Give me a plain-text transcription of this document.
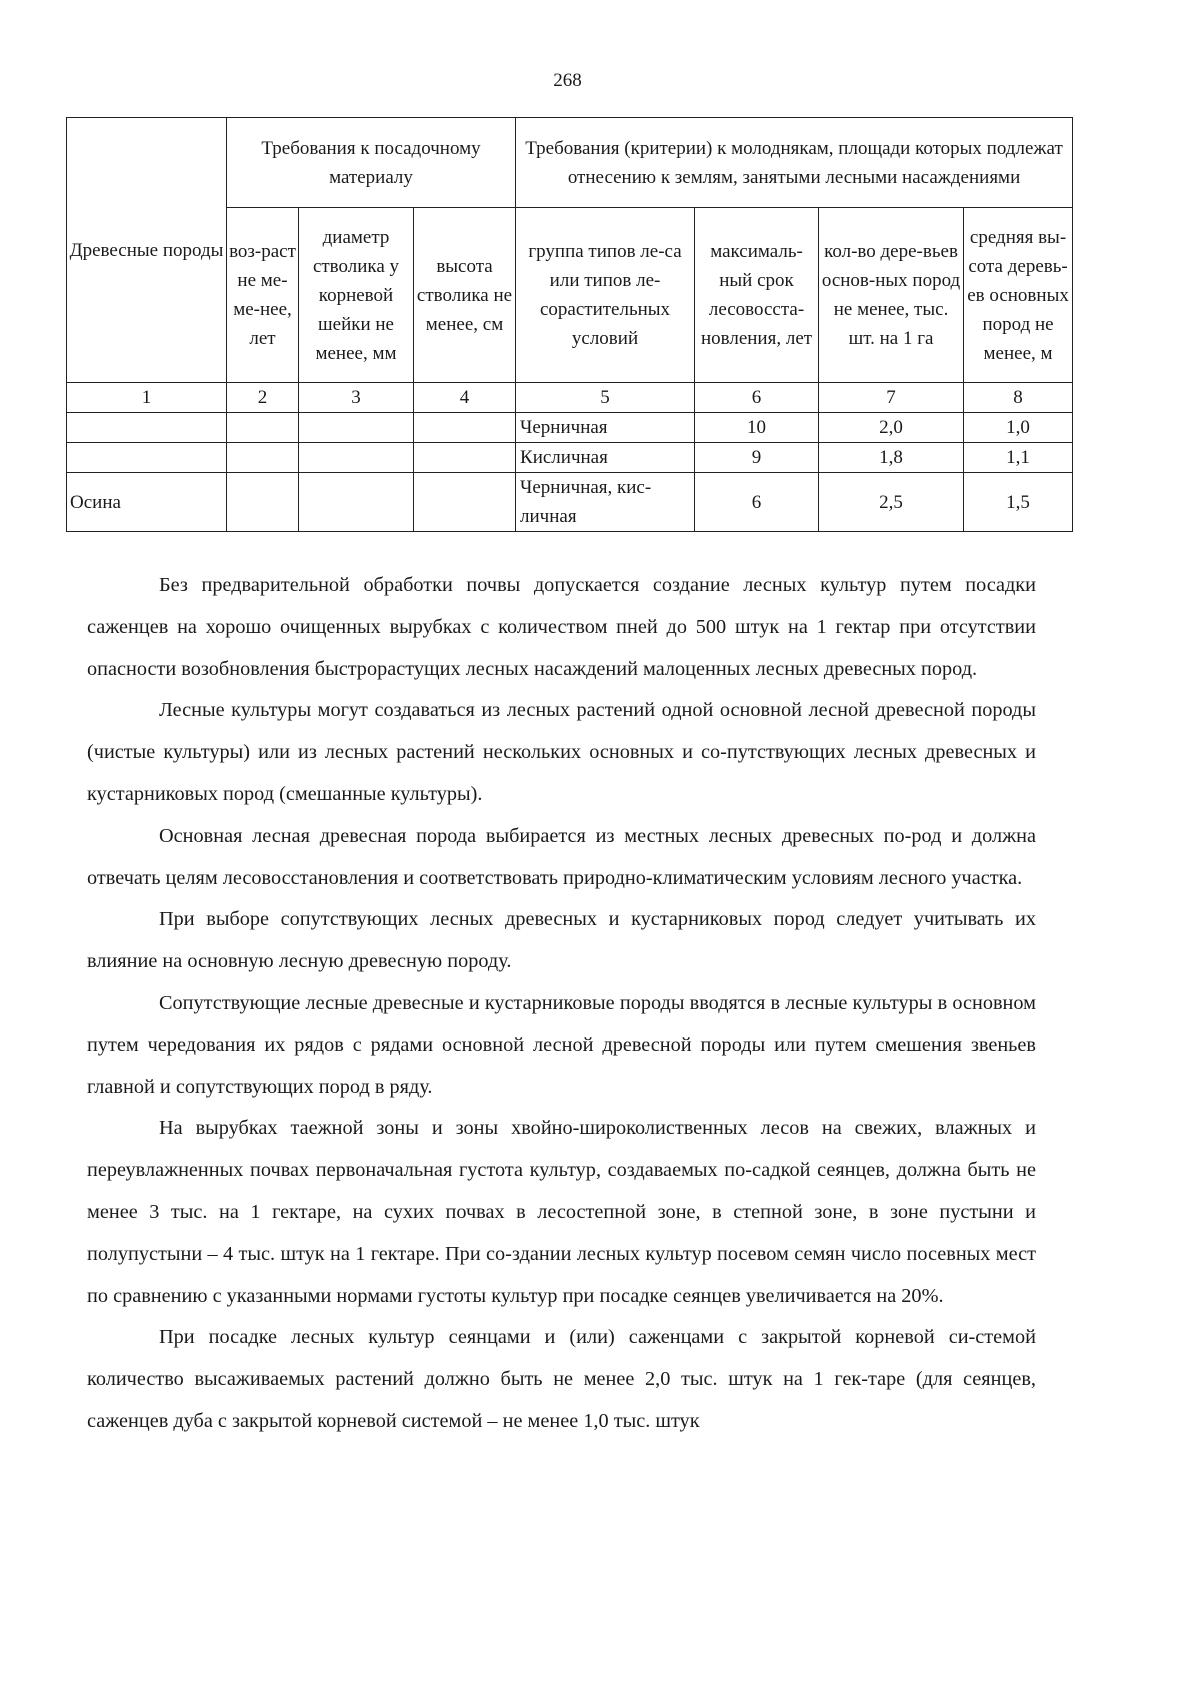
268
Древесные породы	Требования к посадочному материалу			Требования (критерии) к молоднякам, площади которых подлежат отнесению к землям, занятыми лесными насаждениями			
	воз-раст не ме-ме-нее, лет	диаметр стволика у корневой шейки не менее, мм	высота стволика не менее, см	группа типов ле-са или типов ле-сорастительных условий	максималь-ный срок лесовосста-новления, лет	кол-во дере-вьев основ-ных пород не менее, тыс. шт. на 1 га	средняя вы-сота деревь-ев основных пород не менее, м
1	2	3	4	5	6	7	8
				Черничная	10	2,0	1,0
				Кисличная	9	1,8	1,1
Осина				Черничная, кис-личная	6	2,5	1,5

Без предварительной обработки почвы допускается создание лесных культур путем посадки саженцев на хорошо очищенных вырубках с количеством пней до 500 штук на 1 гектар при отсутствии опасности возобновления быстрорастущих лесных насаждений малоценных лесных древесных пород.

Лесные культуры могут создаваться из лесных растений одной основной лесной древесной породы (чистые культуры) или из лесных растений нескольких основных и со-путствующих лесных древесных и кустарниковых пород (смешанные культуры).

Основная лесная древесная порода выбирается из местных лесных древесных по-род и должна отвечать целям лесовосстановления и соответствовать природно-климатическим условиям лесного участка.

При выборе сопутствующих лесных древесных и кустарниковых пород следует учитывать их влияние на основную лесную древесную породу.

Сопутствующие лесные древесные и кустарниковые породы вводятся в лесные культуры в основном путем чередования их рядов с рядами основной лесной древесной породы или путем смешения звеньев главной и сопутствующих пород в ряду.

На вырубках таежной зоны и зоны хвойно-широколиственных лесов на свежих, влажных и переувлажненных почвах первоначальная густота культур, создаваемых по-садкой сеянцев, должна быть не менее 3 тыс. на 1 гектаре, на сухих почвах в лесостепной зоне, в степной зоне, в зоне пустыни и полупустыни – 4 тыс. штук на 1 гектаре. При со-здании лесных культур посевом семян число посевных мест по сравнению с указанными нормами густоты культур при посадке сеянцев увеличивается на 20%.

При посадке лесных культур сеянцами и (или) саженцами с закрытой корневой си-стемой количество высаживаемых растений должно быть не менее 2,0 тыс. штук на 1 гек-таре (для сеянцев, саженцев дуба с закрытой корневой системой – не менее 1,0 тыс. штук
